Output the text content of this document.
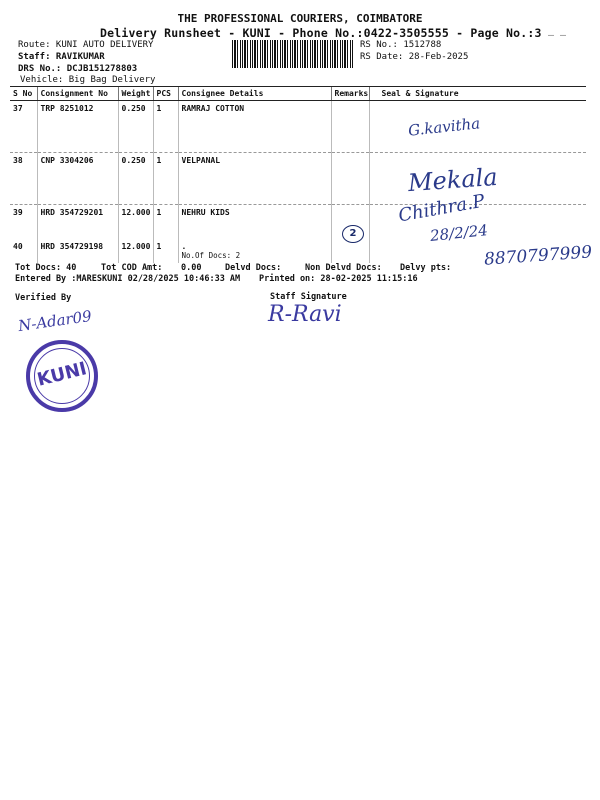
THE PROFESSIONAL COURIERS, COIMBATORE
Delivery Runsheet - KUNI - Phone No.:0422-3505555 - Page No.:3 — —
Route: KUNI AUTO DELIVERY
Staff: RAVIKUMAR
DRS No.: DCJB151278803
Vehicle: Big Bag Delivery
RS No.: 1512788
RS Date: 28-Feb-2025
S No	Consignment No	Weight	PCS	Consignee Details	Remarks	Seal & Signature
37	TRP 8251012	0.250	1	RAMRAJ COTTON		
38	CNP 3304206	0.250	1	VELPANAL		
39	HRD 354729201	12.000	1	NEHRU KIDS		
40	HRD 354729198	12.000	1	.
No.Of Docs: 2		
G.kavitha
Mekala
Chithra.P
28/2/24
8870797999
2
Tot Docs: 40	Tot COD Amt: 0.00	Delvd Docs:	Non Delvd Docs: Delvy pts:
Entered By :MARESKUNI 02/28/2025 10:46:33 AM Printed on: 28-02-2025 11:15:16
Verified By	Staff Signature
N-Adar09	R-Ravi
KUNI
